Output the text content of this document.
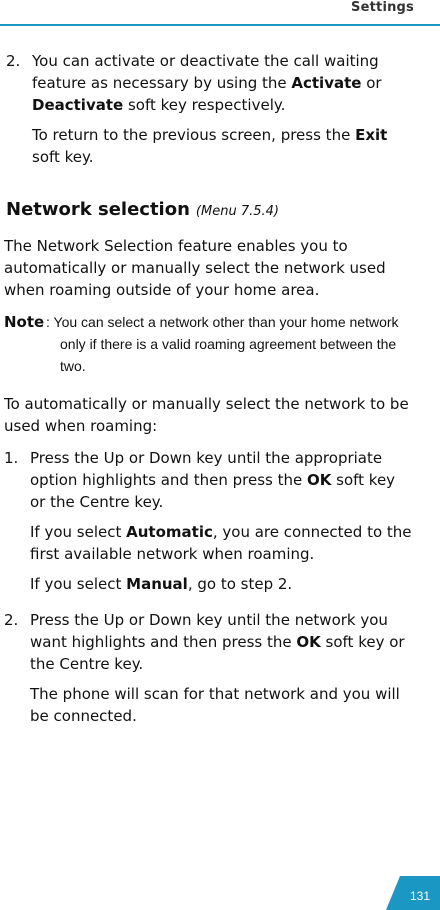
Settings

2. You can activate or deactivate the call waiting feature as necessary by using the Activate or Deactivate soft key respectively.

To return to the previous screen, press the Exit soft key.

Network selection (Menu 7.5.4)

The Network Selection feature enables you to automatically or manually select the network used when roaming outside of your home area.

Note : You can select a network other than your home network only if there is a valid roaming agreement between the two.

To automatically or manually select the network to be used when roaming:

1. Press the Up or Down key until the appropriate option highlights and then press the OK soft key or the Centre key.

If you select Automatic, you are connected to the first available network when roaming.

If you select Manual, go to step 2.

2. Press the Up or Down key until the network you want highlights and then press the OK soft key or the Centre key.

The phone will scan for that network and you will be connected.

131
